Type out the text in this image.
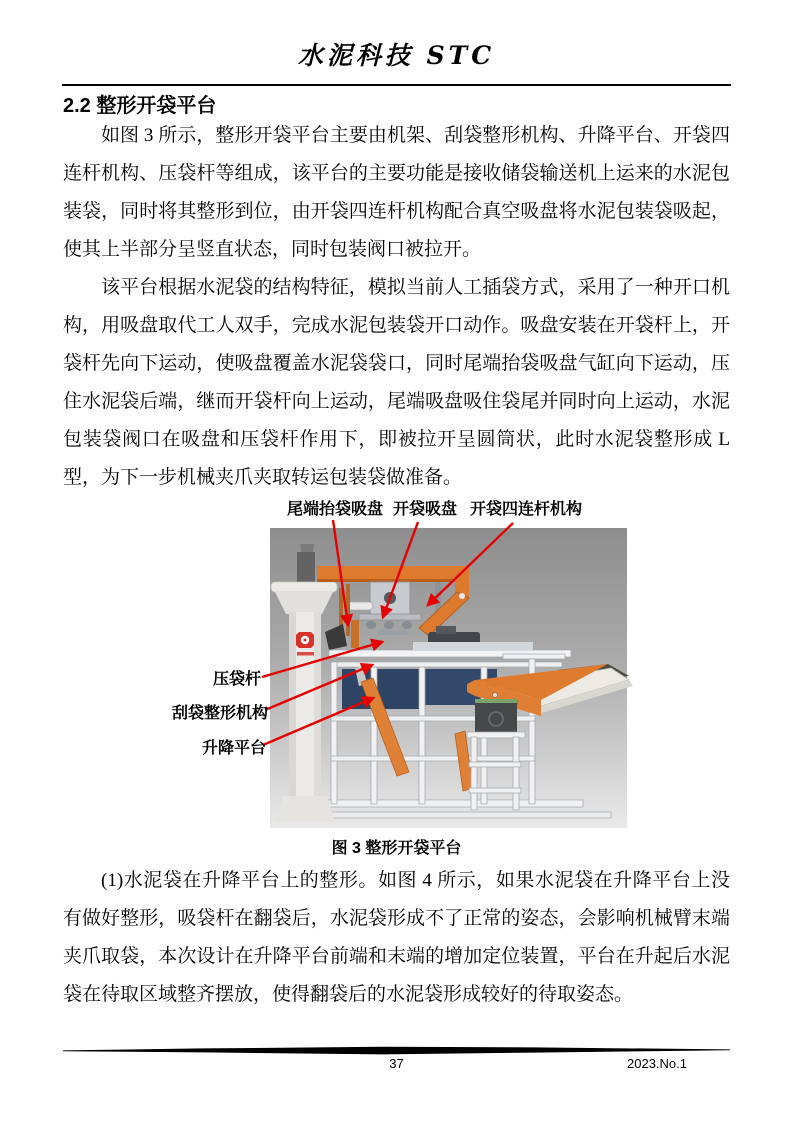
水泥科技 STC
2.2 整形开袋平台

如图 3 所示，整形开袋平台主要由机架、刮袋整形机构、升降平台、开袋四连杆机构、压袋杆等组成，该平台的主要功能是接收储袋输送机上运来的水泥包装袋，同时将其整形到位，由开袋四连杆机构配合真空吸盘将水泥包装袋吸起，使其上半部分呈竖直状态，同时包装阀口被拉开。

该平台根据水泥袋的结构特征，模拟当前人工插袋方式，采用了一种开口机构，用吸盘取代工人双手，完成水泥包装袋开口动作。吸盘安装在开袋杆上，开袋杆先向下运动，使吸盘覆盖水泥袋袋口，同时尾端抬袋吸盘气缸向下运动，压住水泥袋后端，继而开袋杆向上运动，尾端吸盘吸住袋尾并同时向上运动，水泥包装袋阀口在吸盘和压袋杆作用下，即被拉开呈圆筒状，此时水泥袋整形成 L 型，为下一步机械夹爪夹取转运包装袋做准备。

尾端抬袋吸盘 开袋吸盘 开袋四连杆机构
压袋杆
刮袋整形机构
升降平台
图 3 整形开袋平台

(1)水泥袋在升降平台上的整形。如图 4 所示，如果水泥袋在升降平台上没有做好整形，吸袋杆在翻袋后，水泥袋形成不了正常的姿态，会影响机械臂末端夹爪取袋，本次设计在升降平台前端和末端的增加定位装置，平台在升起后水泥袋在待取区域整齐摆放，使得翻袋后的水泥袋形成较好的待取姿态。

37	2023.No.1
